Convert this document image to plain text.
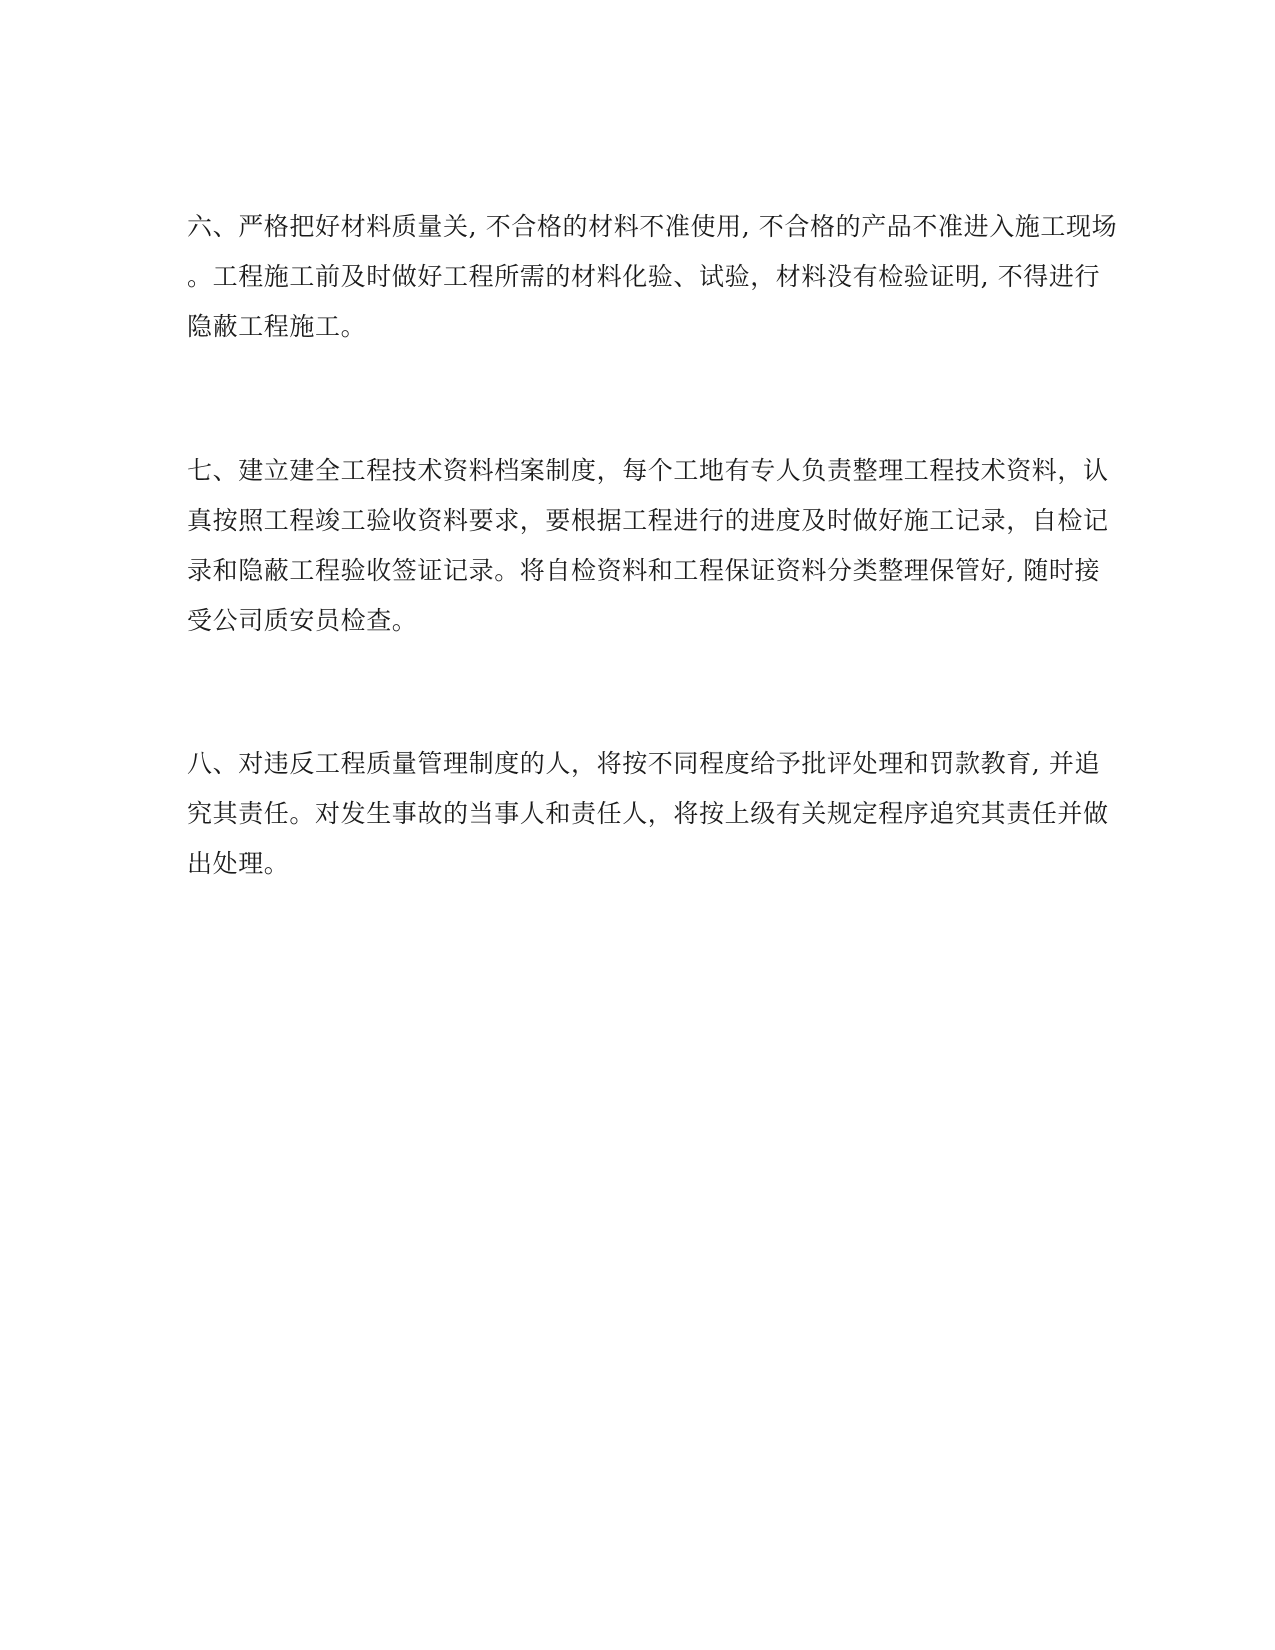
六、严格把好材料质量关, 不合格的材料不准使用, 不合格的产品不准进入施工现场
。工程施工前及时做好工程所需的材料化验、试验，材料没有检验证明, 不得进行
隐蔽工程施工。
七、建立建全工程技术资料档案制度，每个工地有专人负责整理工程技术资料，认
真按照工程竣工验收资料要求，要根据工程进行的进度及时做好施工记录，自检记
录和隐蔽工程验收签证记录。将自检资料和工程保证资料分类整理保管好, 随时接
受公司质安员检查。
八、对违反工程质量管理制度的人，将按不同程度给予批评处理和罚款教育, 并追
究其责任。对发生事故的当事人和责任人，将按上级有关规定程序追究其责任并做
出处理。
